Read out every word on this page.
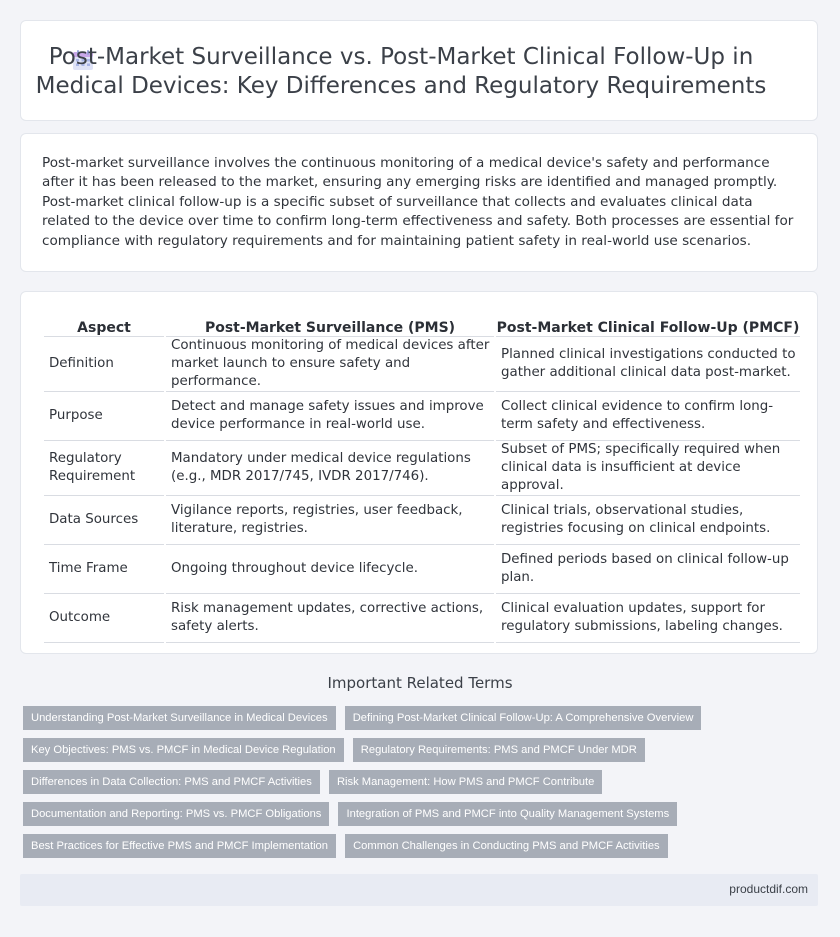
Post-Market Surveillance vs. Post-Market Clinical Follow-Up in Medical Devices: Key Differences and Regulatory Requirements

Post-market surveillance involves the continuous monitoring of a medical device's safety and performance after it has been released to the market, ensuring any emerging risks are identified and managed promptly. Post-market clinical follow-up is a specific subset of surveillance that collects and evaluates clinical data related to the device over time to confirm long-term effectiveness and safety. Both processes are essential for compliance with regulatory requirements and for maintaining patient safety in real-world use scenarios.

Aspect	Post-Market Surveillance (PMS)	Post-Market Clinical Follow-Up (PMCF)
Definition	Continuous monitoring of medical devices after market launch to ensure safety and performance.	Planned clinical investigations conducted to gather additional clinical data post-market.
Purpose	Detect and manage safety issues and improve device performance in real-world use.	Collect clinical evidence to confirm long-term safety and effectiveness.
Regulatory Requirement	Mandatory under medical device regulations (e.g., MDR 2017/745, IVDR 2017/746).	Subset of PMS; specifically required when clinical data is insufficient at device approval.
Data Sources	Vigilance reports, registries, user feedback, literature, registries.	Clinical trials, observational studies, registries focusing on clinical endpoints.
Time Frame	Ongoing throughout device lifecycle.	Defined periods based on clinical follow-up plan.
Outcome	Risk management updates, corrective actions, safety alerts.	Clinical evaluation updates, support for regulatory submissions, labeling changes.
Important Related Terms
Understanding Post-Market Surveillance in Medical Devices Defining Post-Market Clinical Follow-Up: A Comprehensive Overview
Key Objectives: PMS vs. PMCF in Medical Device Regulation Regulatory Requirements: PMS and PMCF Under MDR
Differences in Data Collection: PMS and PMCF Activities Risk Management: How PMS and PMCF Contribute
Documentation and Reporting: PMS vs. PMCF Obligations Integration of PMS and PMCF into Quality Management Systems
Best Practices for Effective PMS and PMCF Implementation Common Challenges in Conducting PMS and PMCF Activities
productdif.com
